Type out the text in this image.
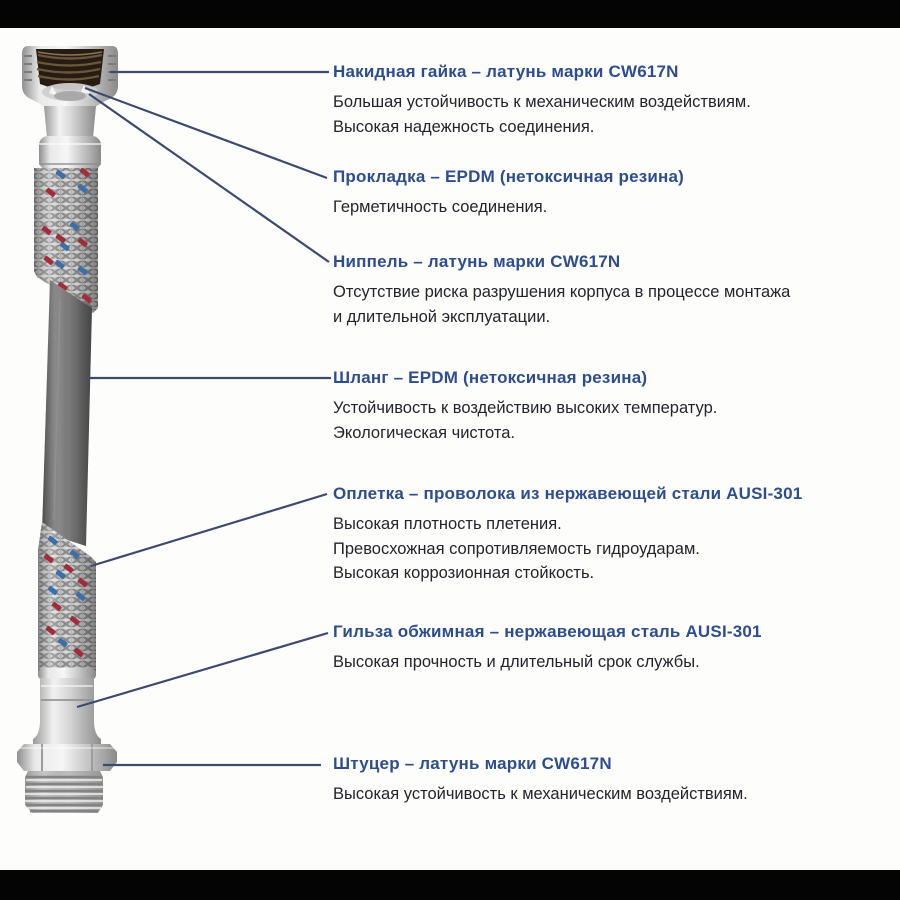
Накидная гайка – латунь марки CW617N
Большая устойчивость к механическим воздействиям.
Высокая надежность соединения.
Прокладка – EPDM (нетоксичная резина)
Герметичность соединения.
Ниппель – латунь марки CW617N
Отсутствие риска разрушения корпуса в процессе монтажа
и длительной эксплуатации.
Шланг – EPDM (нетоксичная резина)
Устойчивость к воздействию высоких температур.
Экологическая чистота.
Оплетка – проволока из нержавеющей стали AUSI-301
Высокая плотность плетения.
Превосхожная сопротивляемость гидроударам.
Высокая коррозионная стойкость.
Гильза обжимная – нержавеющая сталь AUSI-301
Высокая прочность и длительный срок службы.
Штуцер – латунь марки CW617N
Высокая устойчивость к механическим воздействиям.
